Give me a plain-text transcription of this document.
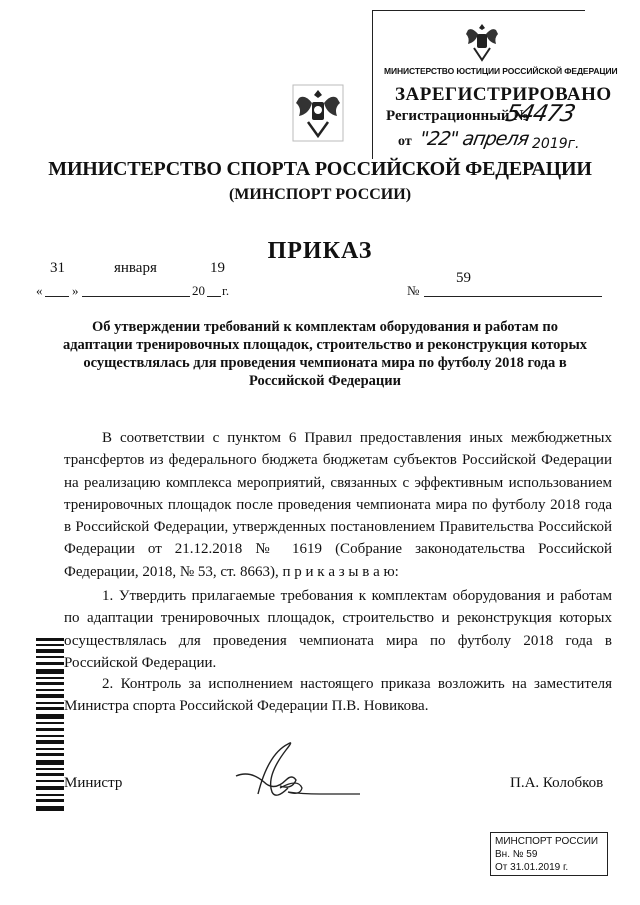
МИНИСТЕРСТВО ЮСТИЦИИ РОССИЙСКОЙ ФЕДЕРАЦИИ
ЗАРЕГИСТРИРОВАНО
Регистрационный №
54473
от "22" апреля 2019г.
МИНИСТЕРСТВО СПОРТА РОССИЙСКОЙ ФЕДЕРАЦИИ
(МИНСПОРТ РОССИИ)
ПРИКАЗ
«
31
»
января
20
19
г.	№
59
Об утверждении требований к комплектам оборудования и работам по адаптации тренировочных площадок, строительство и реконструкция которых осуществлялась для проведения чемпионата мира по футболу 2018 года в Российской Федерации
В соответствии с пунктом 6 Правил предоставления иных межбюджетных трансфертов из федерального бюджета бюджетам субъектов Российской Федерации на реализацию комплекса мероприятий, связанных с эффективным использованием тренировочных площадок после проведения чемпионата мира по футболу 2018 года в Российской Федерации, утвержденных постановлением Правительства Российской Федерации от 21.12.2018 № 1619 (Собрание законодательства Российской Федерации, 2018, № 53, ст. 8663), п р и к а з ы в а ю:
1. Утвердить прилагаемые требования к комплектам оборудования и работам по адаптации тренировочных площадок, строительство и реконструкция которых осуществлялась для проведения чемпионата мира по футболу 2018 года в Российской Федерации.
2. Контроль за исполнением настоящего приказа возложить на заместителя Министра спорта Российской Федерации П.В. Новикова.
Министр	П.А. Колобков
МИНСПОРТ РОССИИ
Вн. № 59
От 31.01.2019 г.
